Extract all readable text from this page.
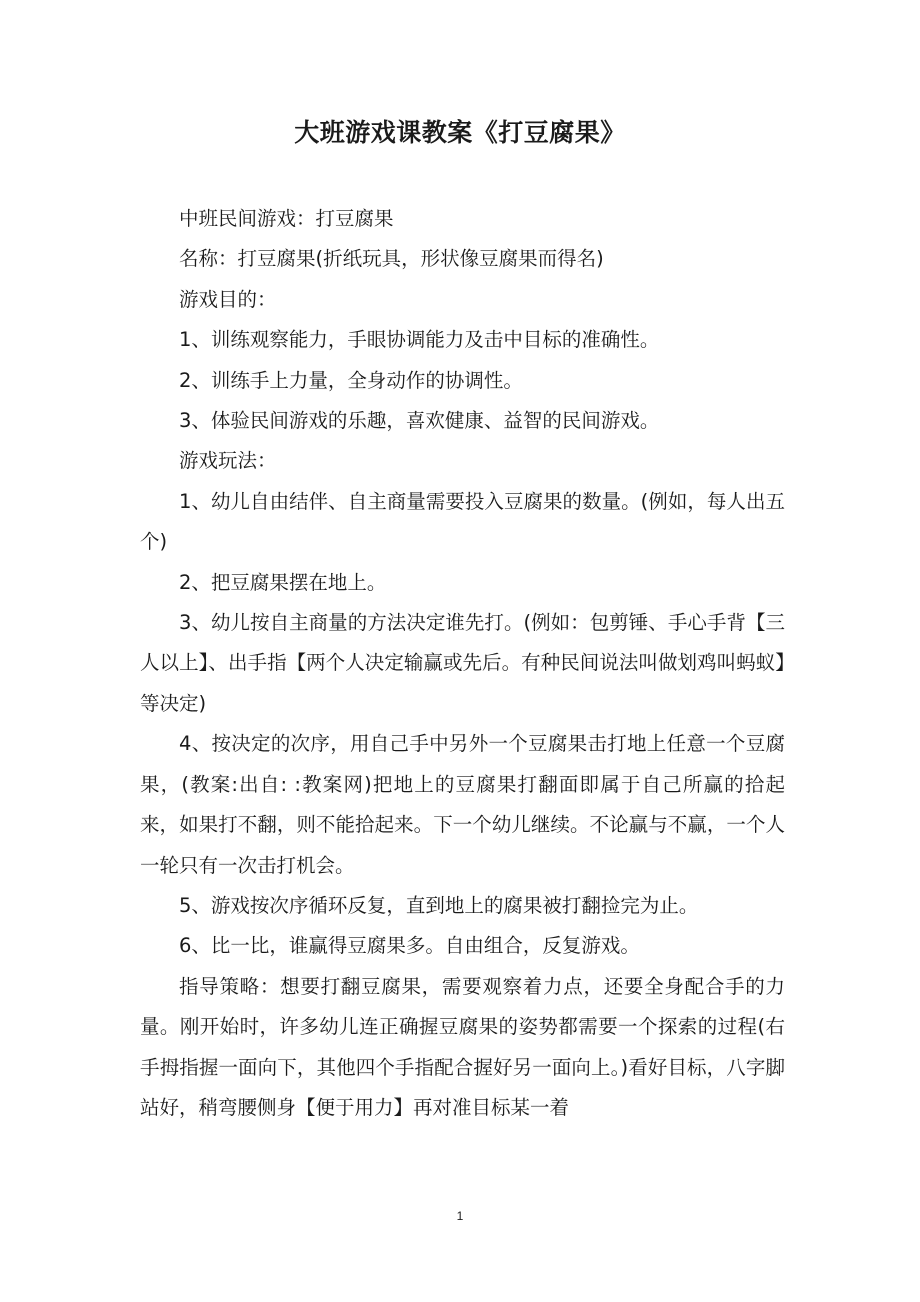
大班游戏课教案《打豆腐果》

中班民间游戏：打豆腐果

名称：打豆腐果(折纸玩具，形状像豆腐果而得名)

游戏目的：

1、训练观察能力，手眼协调能力及击中目标的准确性。

2、训练手上力量，全身动作的协调性。

3、体验民间游戏的乐趣，喜欢健康、益智的民间游戏。

游戏玩法：

1、幼儿自由结伴、自主商量需要投入豆腐果的数量。(例如，每人出五个)

2、把豆腐果摆在地上。

3、幼儿按自主商量的方法决定谁先打。(例如：包剪锤、手心手背【三人以上】、出手指【两个人决定输赢或先后。有种民间说法叫做划鸡叫蚂蚁】等决定)

4、按决定的次序，用自己手中另外一个豆腐果击打地上任意一个豆腐果，(教案:出自: :教案网)把地上的豆腐果打翻面即属于自己所赢的拾起来，如果打不翻，则不能拾起来。下一个幼儿继续。不论赢与不赢，一个人一轮只有一次击打机会。

5、游戏按次序循环反复，直到地上的腐果被打翻捡完为止。

6、比一比，谁赢得豆腐果多。自由组合，反复游戏。

指导策略：想要打翻豆腐果，需要观察着力点，还要全身配合手的力量。刚开始时，许多幼儿连正确握豆腐果的姿势都需要一个探索的过程(右手拇指握一面向下，其他四个手指配合握好另一面向上。)看好目标，八字脚站好，稍弯腰侧身【便于用力】再对准目标某一着

1
